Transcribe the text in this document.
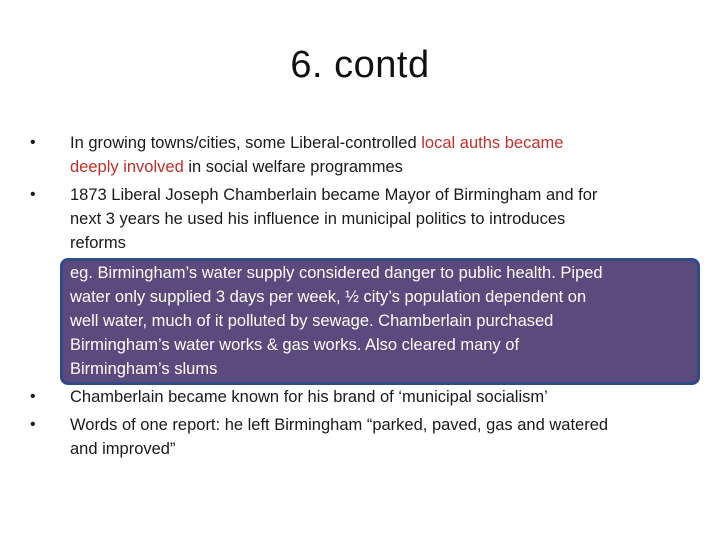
6. contd
• In growing towns/cities, some Liberal-controlled local auths became
deeply involved in social welfare programmes
• 1873 Liberal Joseph Chamberlain became Mayor of Birmingham and for
next 3 years he used his influence in municipal politics to introduces
reforms
eg. Birmingham’s water supply considered danger to public health. Piped
water only supplied 3 days per week, ½ city’s population dependent on
well water, much of it polluted by sewage. Chamberlain purchased
Birmingham’s water works & gas works. Also cleared many of
Birmingham’s slums
• Chamberlain became known for his brand of ‘municipal socialism’
• Words of one report: he left Birmingham “parked, paved, gas and watered
and improved”
